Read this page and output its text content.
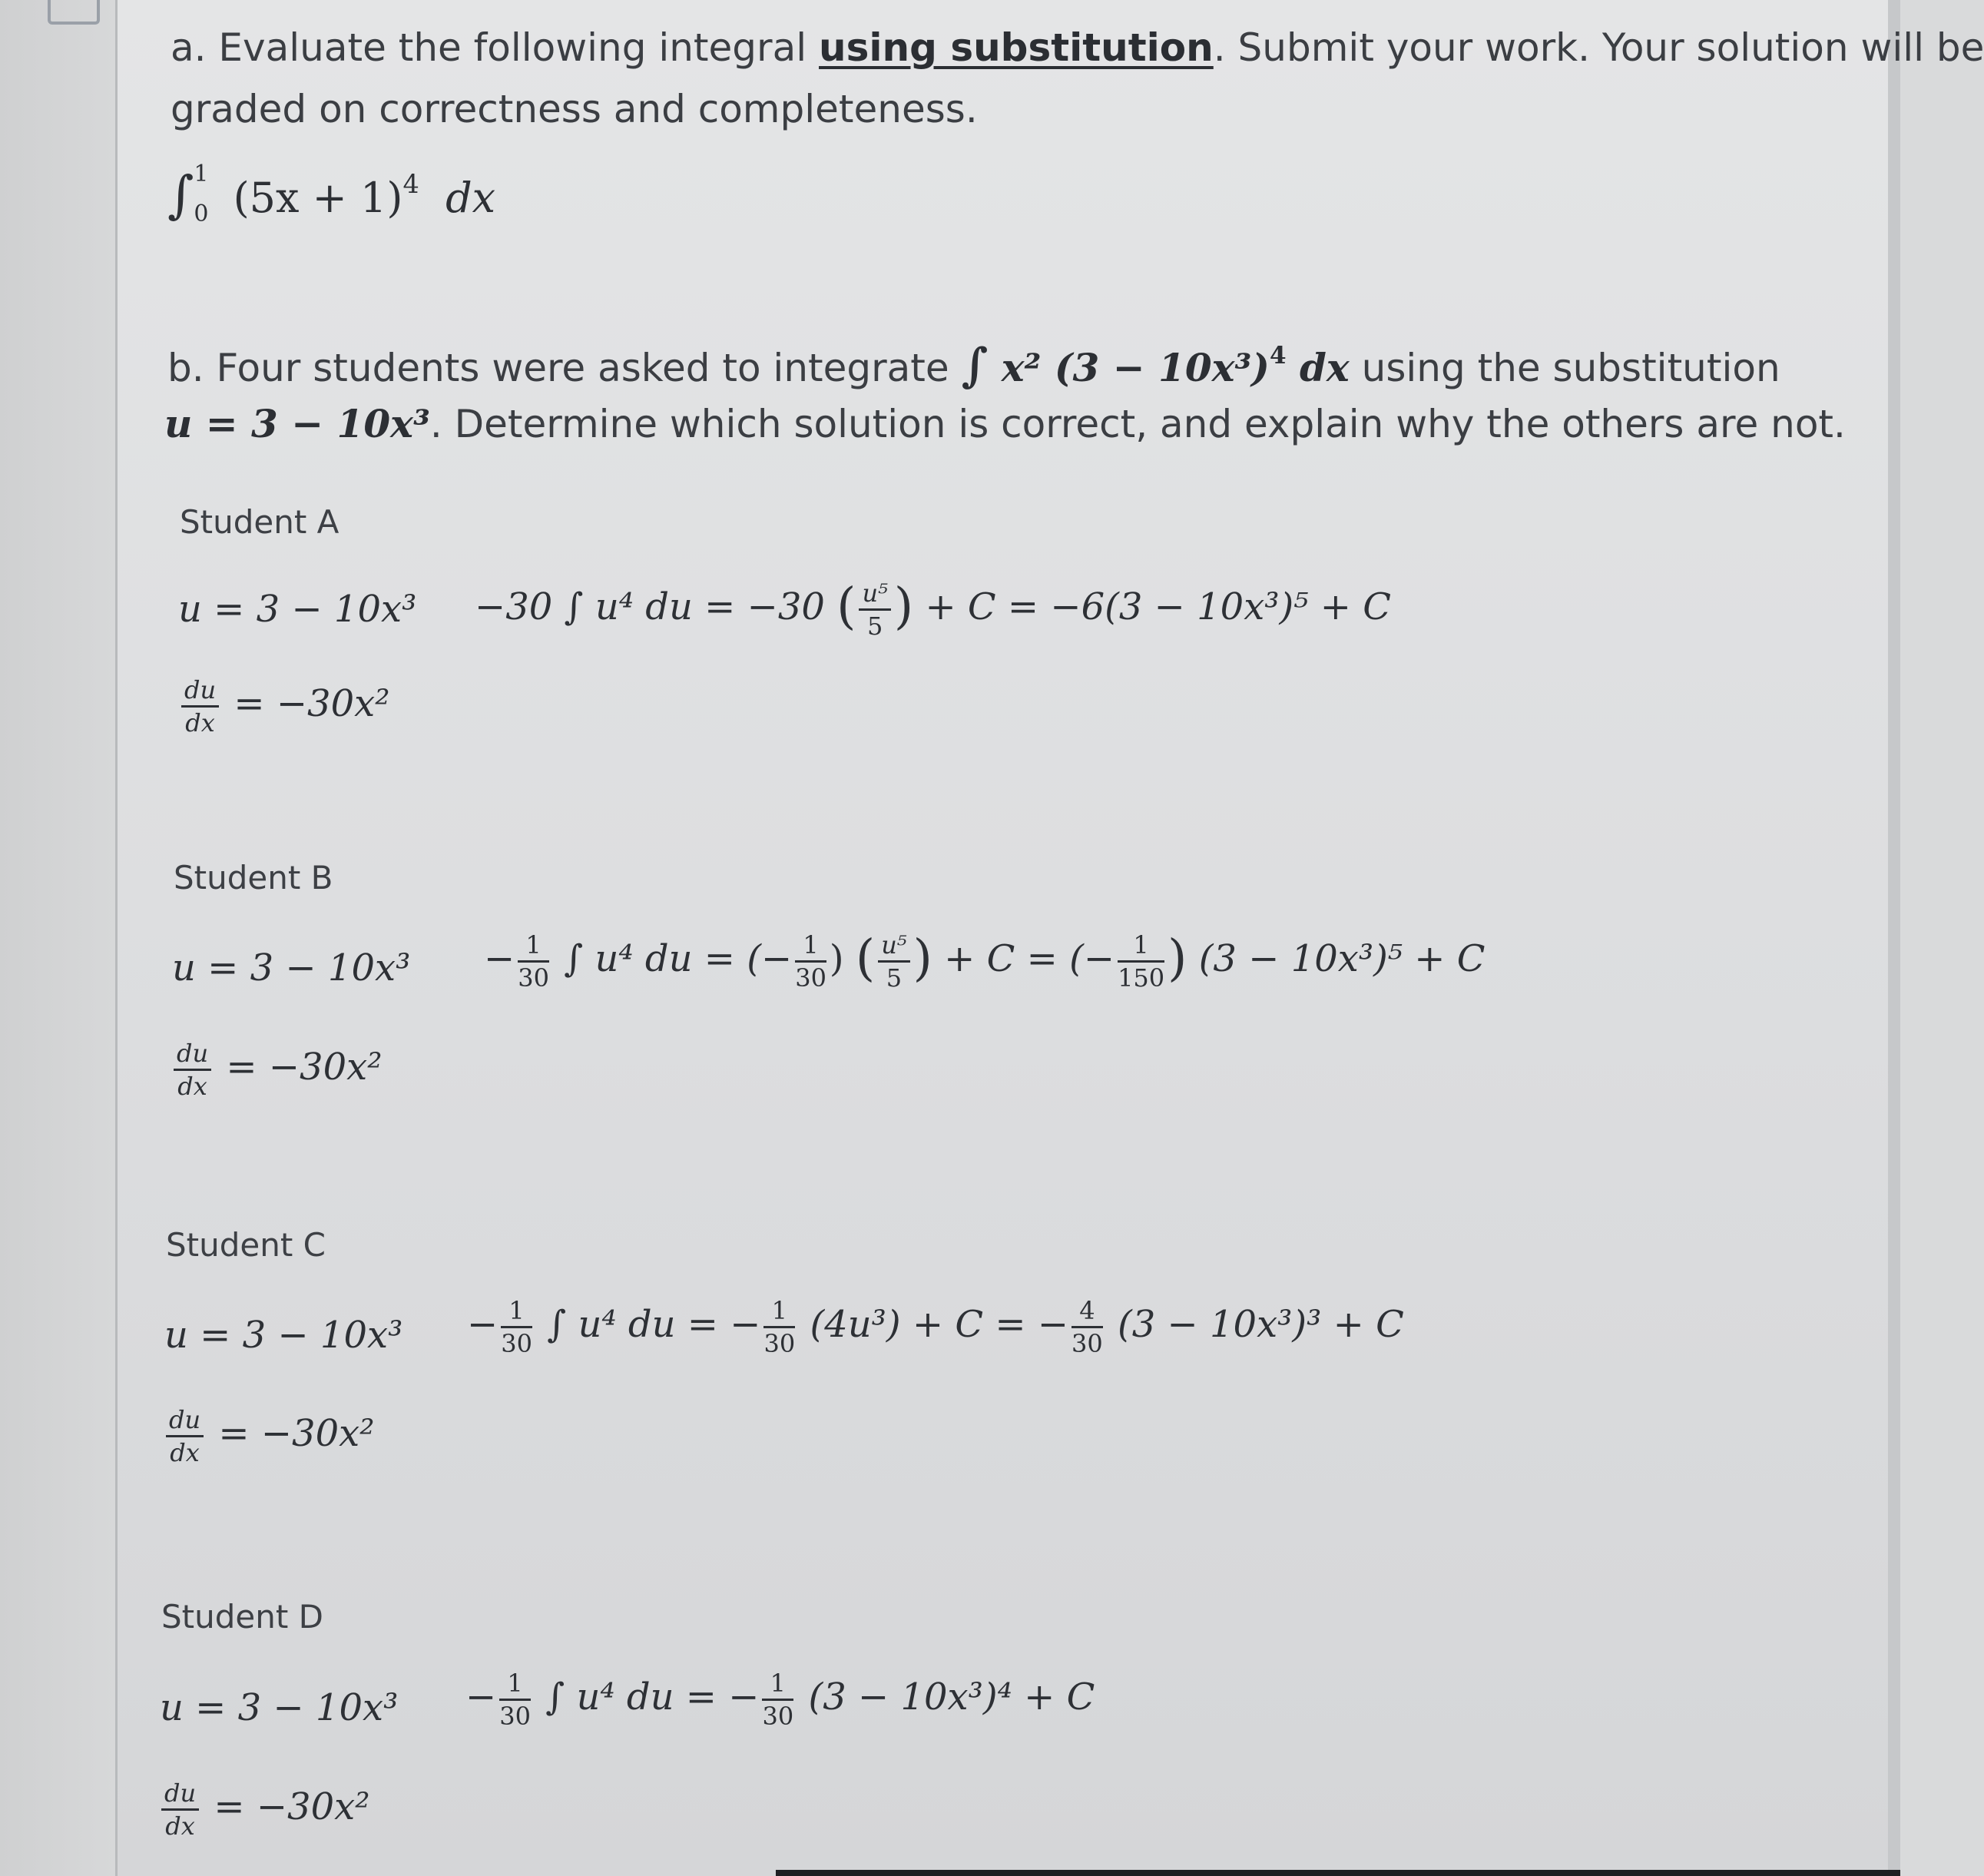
a. Evaluate the following integral using substitution. Submit your work. Your solution will be
graded on correctness and completeness.
∫ 1
0 $(5x + 1)^4$ dx
b. Four students were asked to integrate ∫ x² $(3 - 10x^3)^4$ dx using the substitution
u = 3 − 10x³. Determine which solution is correct, and explain why the others are not.
Student A
u = 3 − 10x³ −30 ∫ u⁴ du = −30 ( $\frac{\text{u⁵}}{5}$ ) + C = −6(3 − 10x³)⁵ + C
$\frac{du}{dx} = -30x^2$
Student B
$u = 3 - 10x^3 - \frac{1}{30}$ ∫ u⁴ du = (− $\frac{1}{30}$ ) ( $\frac{\text{u⁵}}{5}$ ) + C = (− $\frac{1}{150}$ ) (3 − 10x³)⁵ + C
$\frac{du}{dx} = -30x^2$
Student C
$u = 3 - 10x^3 - \frac{1}{30}$ ∫ u⁴ du = − $\frac{1}{30} (4u^3) + C$ = − $\frac{4}{30} (3 - 10x^3)^3 + C$
$\frac{du}{dx} = -30x^2$
Student D
$u = 3 - 10x^3 - \frac{1}{30}$ ∫ u⁴ du = − $\frac{1}{30} (3 - 10x^3)^4 + C$
$\frac{du}{dx} = -30x^2$
